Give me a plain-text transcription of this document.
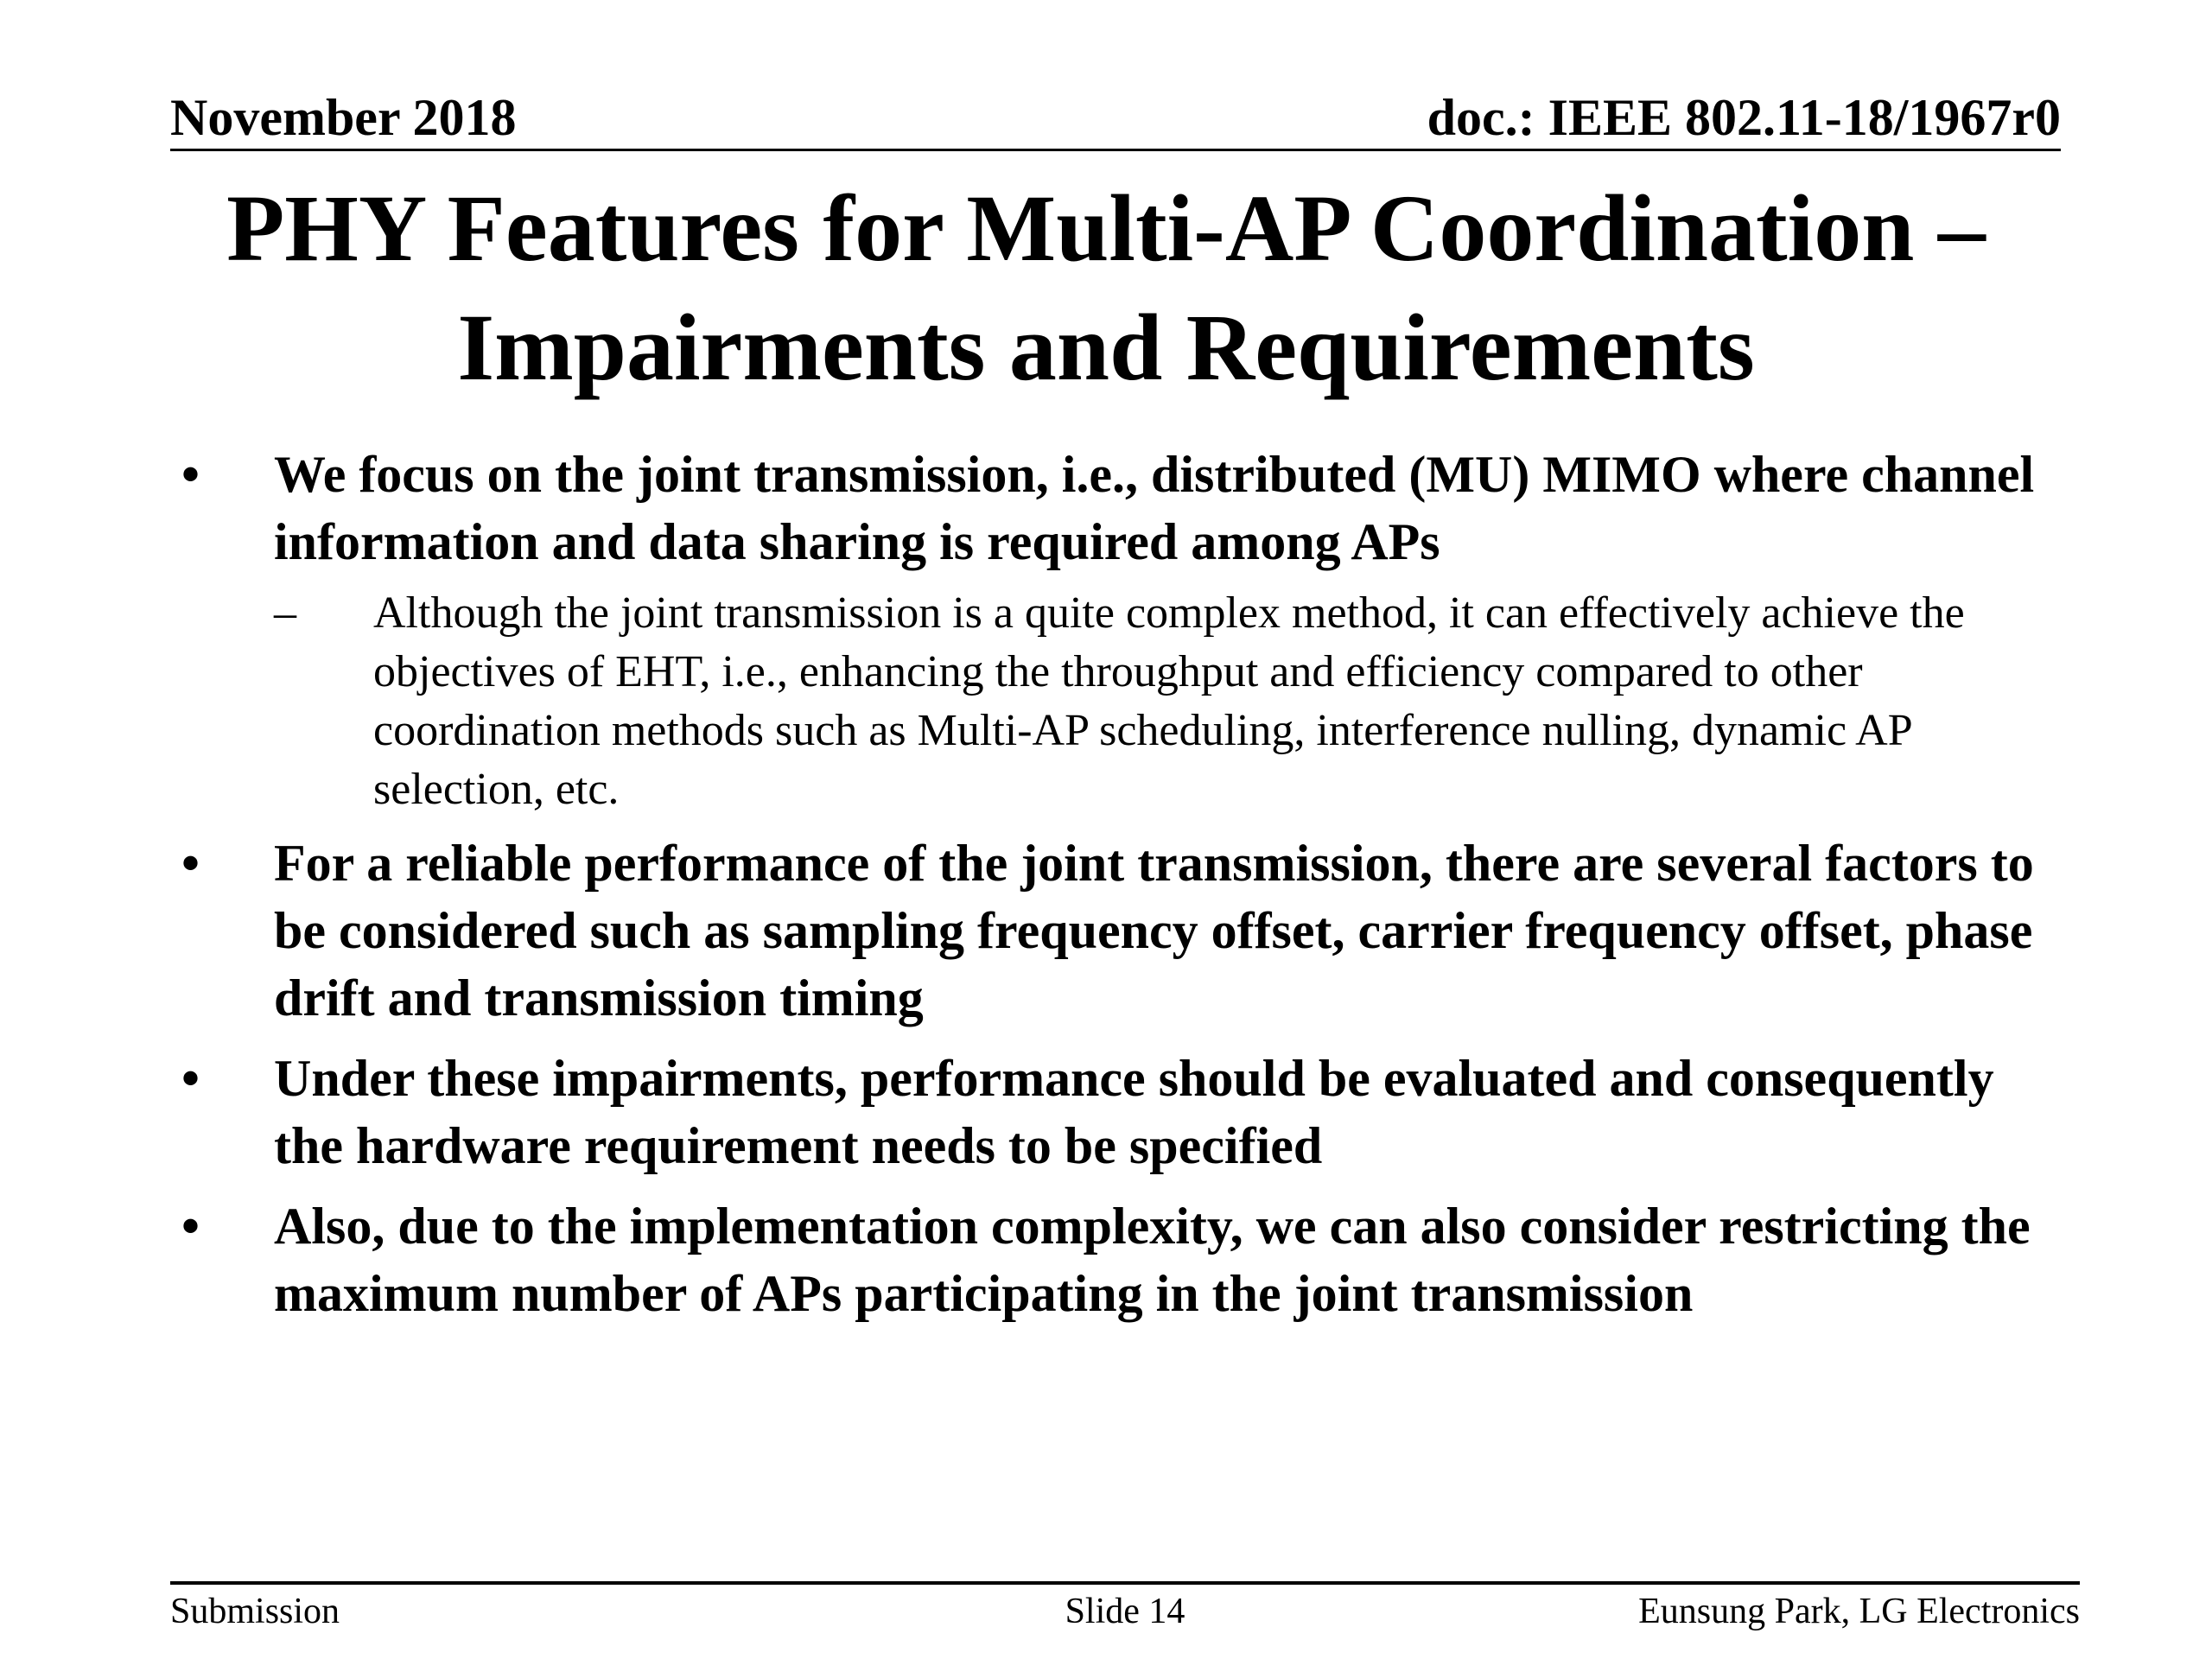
November 2018	doc.: IEEE 802.11-18/1967r0
PHY Features for Multi-AP Coordination –
Impairments and Requirements
•	We focus on the joint transmission, i.e., distributed (MU) MIMO where channel information and data sharing is required among APs
– Although the joint transmission is a quite complex method, it can effectively achieve the objectives of EHT, i.e., enhancing the throughput and efficiency compared to other coordination methods such as Multi-AP scheduling, interference nulling, dynamic AP selection, etc.
•	For a reliable performance of the joint transmission, there are several factors to be considered such as sampling frequency offset, carrier frequency offset, phase drift and transmission timing
•	Under these impairments, performance should be evaluated and consequently the hardware requirement needs to be specified
•	Also, due to the implementation complexity, we can also consider restricting the maximum number of APs participating in the joint transmission
Submission	Slide 14	Eunsung Park, LG Electronics
